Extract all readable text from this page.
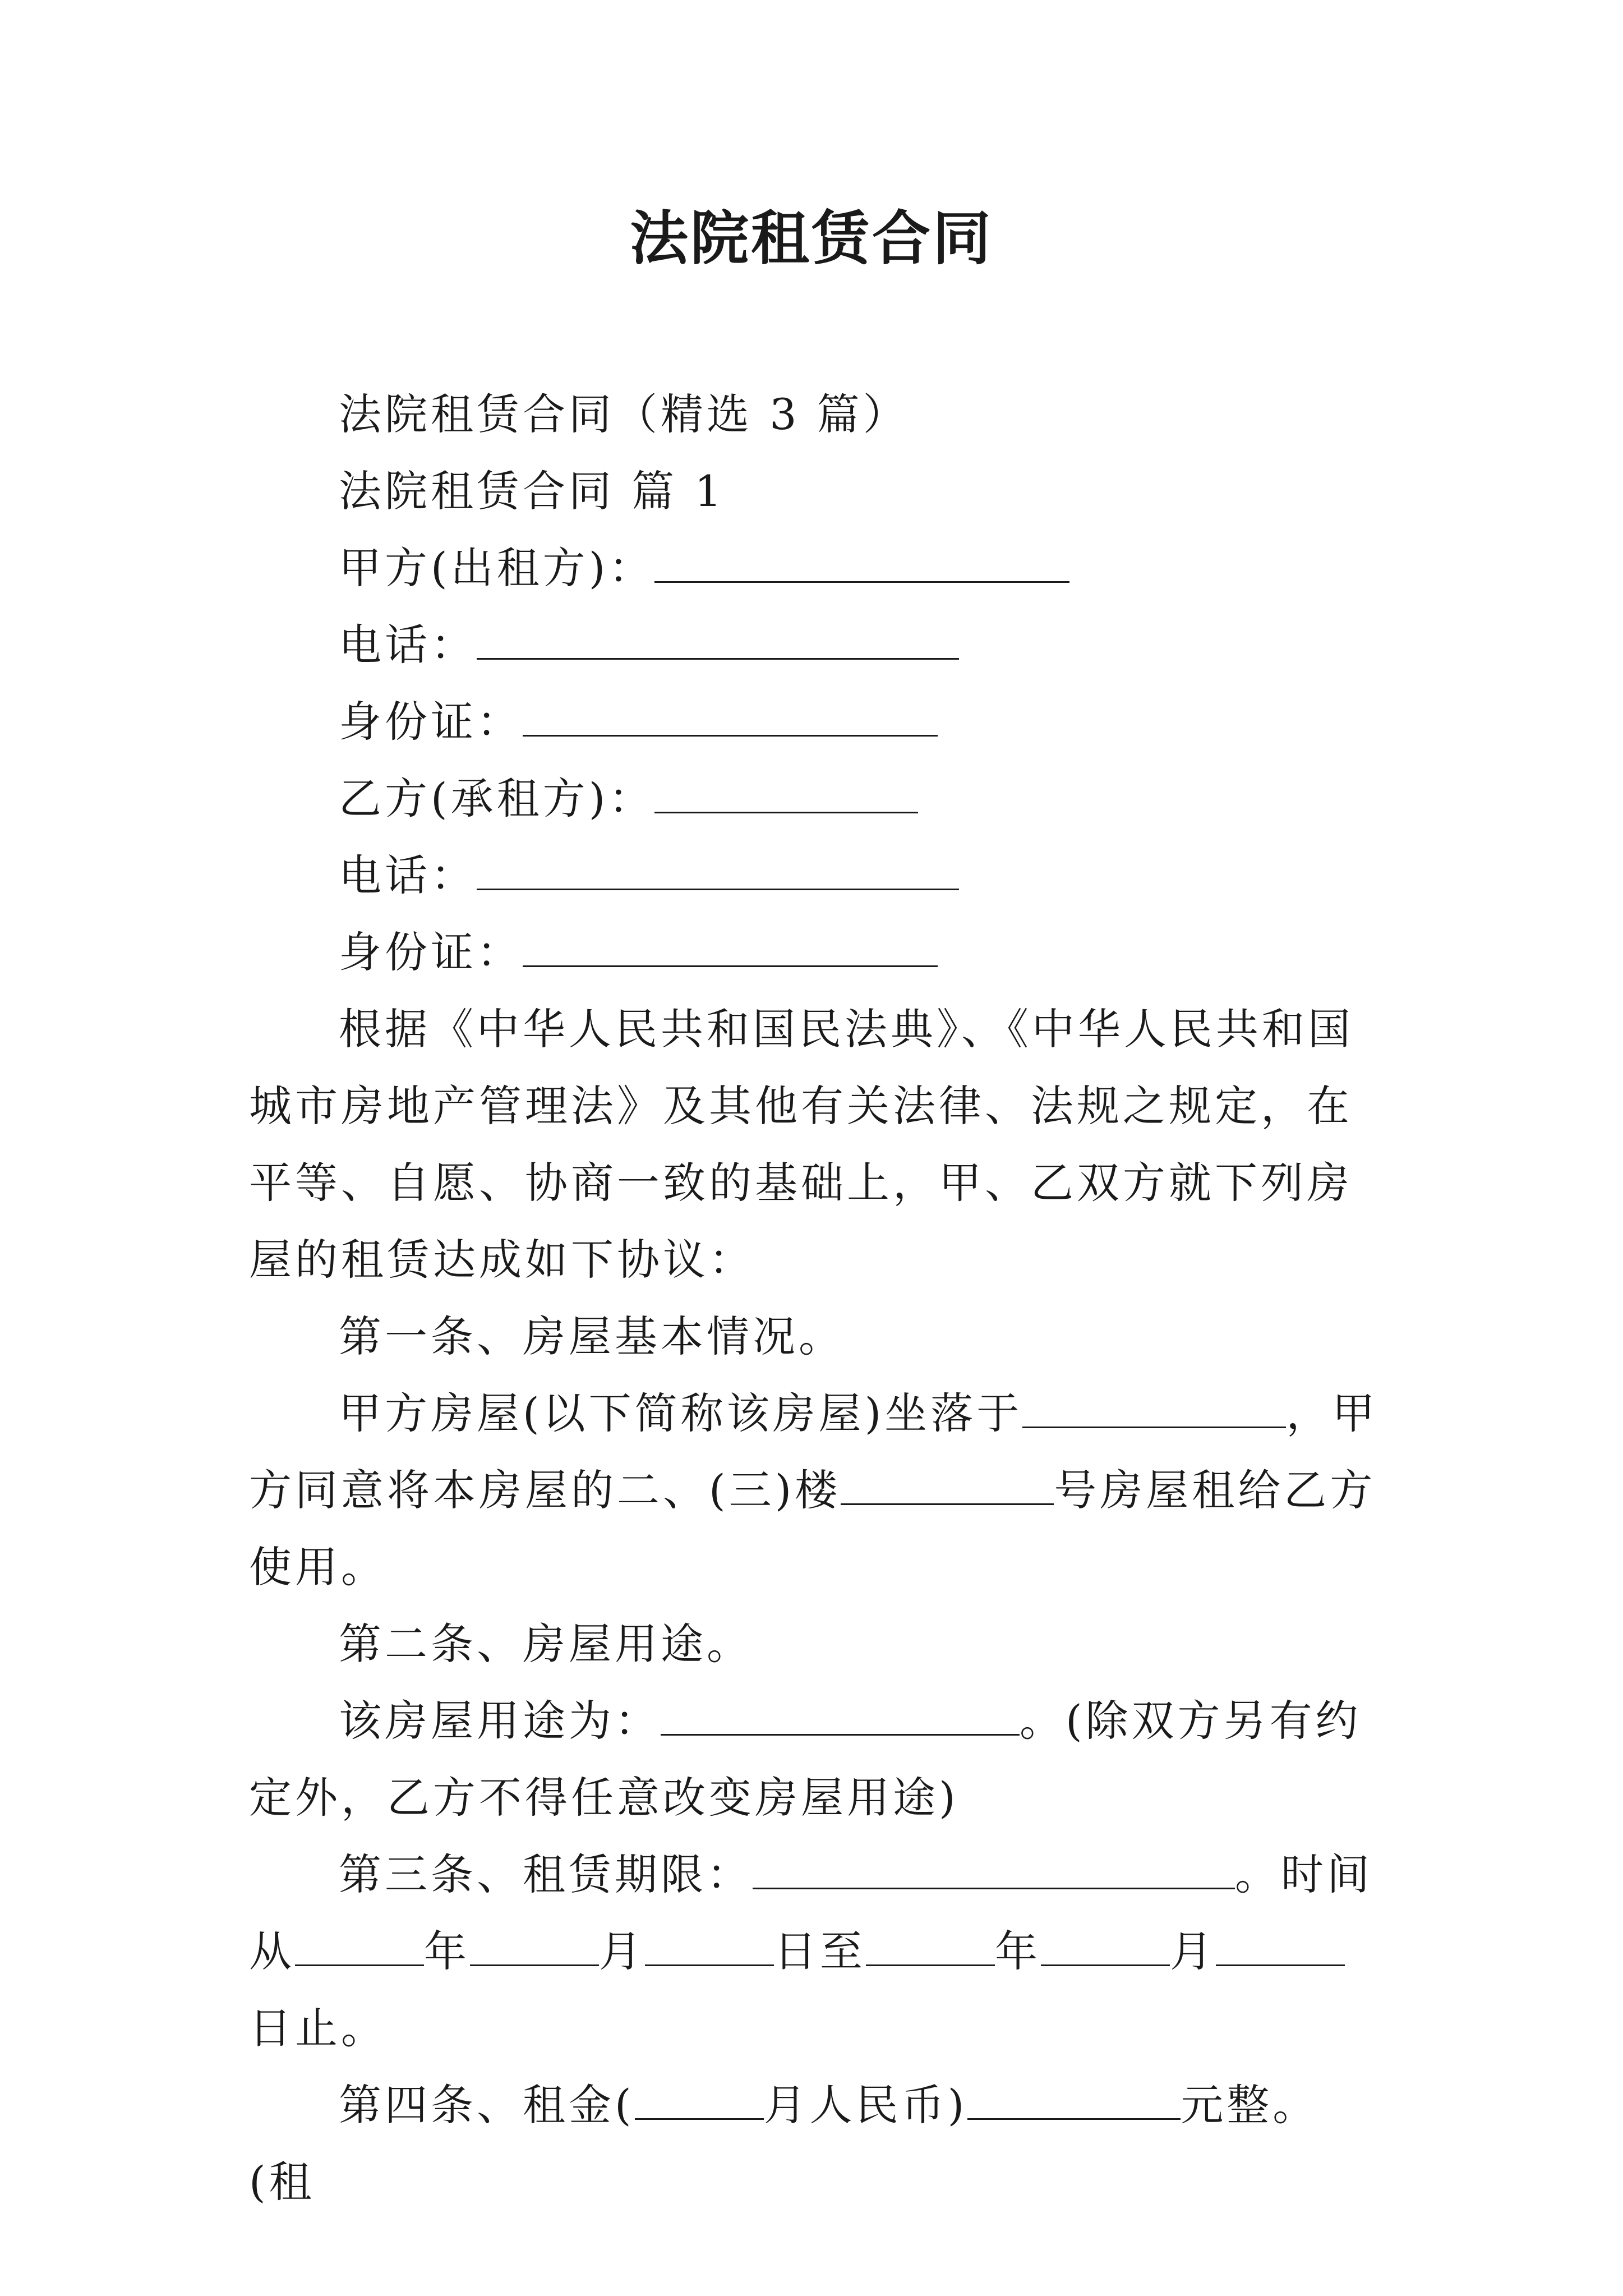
法院租赁合同

法院租赁合同（精选 3 篇）

法院租赁合同 篇 1

甲方(出租方)：

电话：

身份证：

乙方(承租方)：

电话：

身份证：

根据《中华人民共和国民法典》、《中华人民共和国城市房地产管理法》及其他有关法律、法规之规定，在平等、自愿、协商一致的基础上，甲、乙双方就下列房屋的租赁达成如下协议：

第一条、房屋基本情况。

甲方房屋(以下简称该房屋)坐落于	，甲方同意将本房屋的二、(三)楼	号房屋租给乙方使用。

第二条、房屋用途。

该房屋用途为：	。(除双方另有约定外，乙方不得任意改变房屋用途)

第三条、租赁期限：	。时间从	年	月	日至	年	月日止。

第四条、租金(	月人民币)	元整。(租
